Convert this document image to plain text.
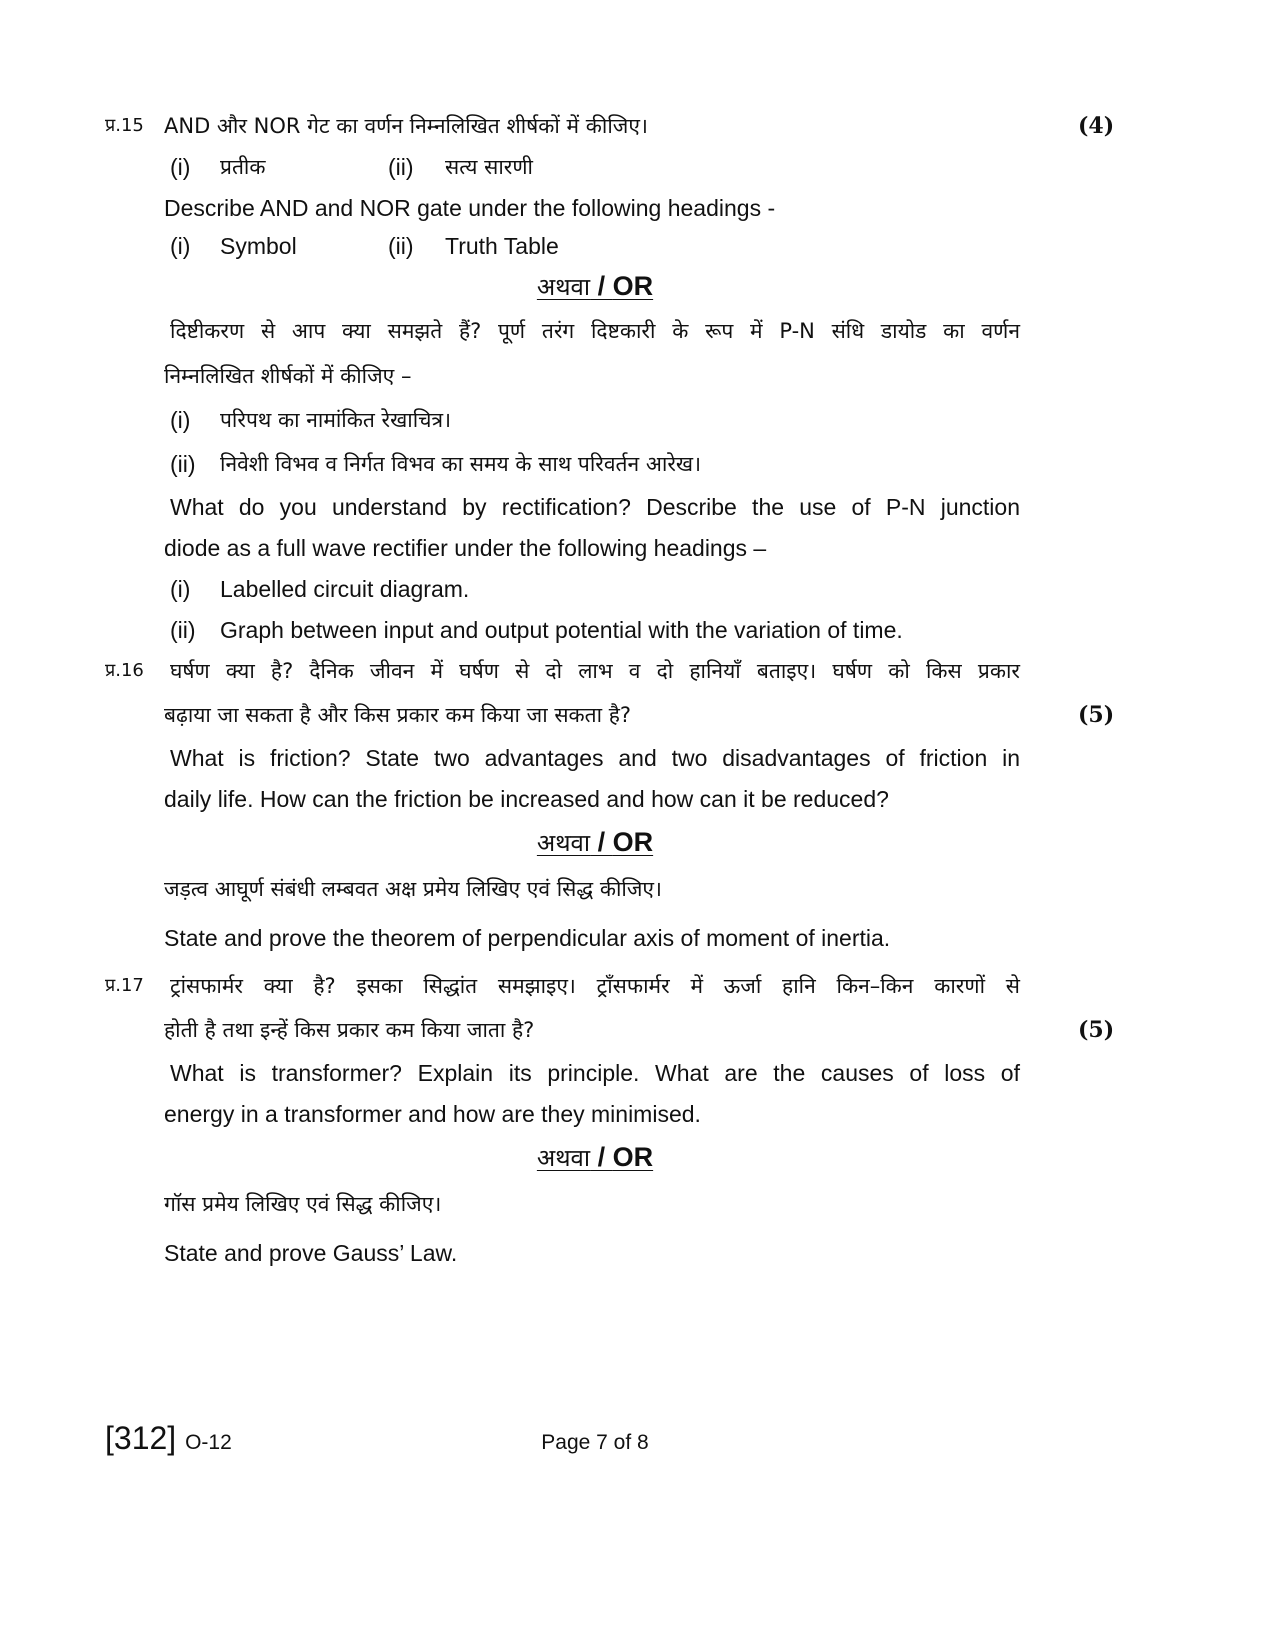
प्र.15 AND और NOR गेट का वर्णन निम्नलिखित शीर्षकों में कीजिए।	(4)
(i) प्रतीक	(ii) सत्य सारणी
Describe AND and NOR gate under the following headings -
(i) Symbol	(ii) Truth Table
अथवा / OR
दिष्टीकरण से आप क्या समझते हैं? पूर्ण तरंग दिष्टकारी के रूप में P-N संधि डायोड का वर्णन
निम्नलिखित शीर्षकों में कीजिए –
(i) परिपथ का नामांकित रेखाचित्र।
(ii) निवेशी विभव व निर्गत विभव का समय के साथ परिवर्तन आरेख।
What do you understand by rectification? Describe the use of P-N junction
diode as a full wave rectifier under the following headings –
(i) Labelled circuit diagram.
(ii) Graph between input and output potential with the variation of time.
प्र.16 घर्षण क्या है? दैनिक जीवन में घर्षण से दो लाभ व दो हानियाँ बताइए। घर्षण को किस प्रकार
बढ़ाया जा सकता है और किस प्रकार कम किया जा सकता है?	(5)
What is friction? State two advantages and two disadvantages of friction in
daily life. How can the friction be increased and how can it be reduced?
अथवा / OR
जड़त्व आघूर्ण संबंधी लम्बवत अक्ष प्रमेय लिखिए एवं सिद्ध कीजिए।
State and prove the theorem of perpendicular axis of moment of inertia.
प्र.17 ट्रांसफार्मर क्या है? इसका सिद्धांत समझाइए। ट्राँसफार्मर में ऊर्जा हानि किन–किन कारणों से
होती है तथा इन्हें किस प्रकार कम किया जाता है?	(5)
What is transformer? Explain its principle. What are the causes of loss of
energy in a transformer and how are they minimised.
अथवा / OR
गॉस प्रमेय लिखिए एवं सिद्ध कीजिए।
State and prove Gauss’ Law.
[312] O-12	Page 7 of 8
